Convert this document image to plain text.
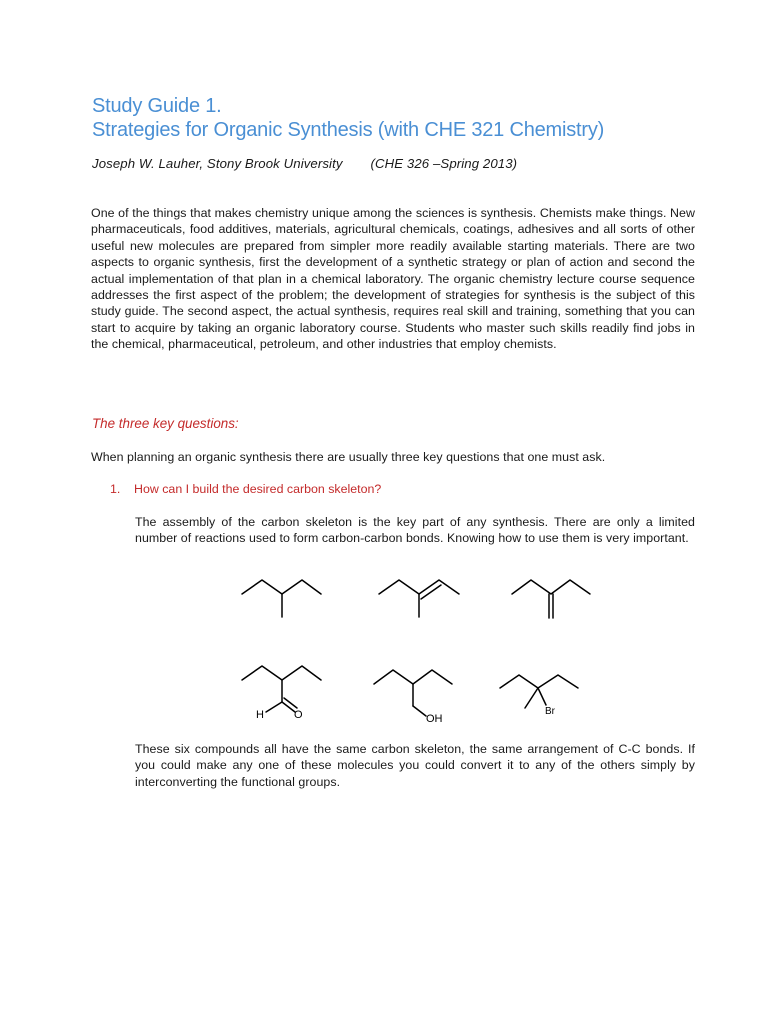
Study Guide 1.
Strategies for Organic Synthesis (with CHE 321 Chemistry)
Joseph W. Lauher, Stony Brook University (CHE 326 –Spring 2013)
One of the things that makes chemistry unique among the sciences is synthesis. Chemists make things. New pharmaceuticals, food additives, materials, agricultural chemicals, coatings, adhesives and all sorts of other useful new molecules are prepared from simpler more readily available starting materials. There are two aspects to organic synthesis, first the development of a synthetic strategy or plan of action and second the actual implementation of that plan in a chemical laboratory. The organic chemistry lecture course sequence addresses the first aspect of the problem; the development of strategies for synthesis is the subject of this study guide. The second aspect, the actual synthesis, requires real skill and training, something that you can start to acquire by taking an organic laboratory course. Students who master such skills readily find jobs in the chemical, pharmaceutical, petroleum, and other industries that employ chemists.
The three key questions:
When planning an organic synthesis there are usually three key questions that one must ask.
1. How can I build the desired carbon skeleton?
The assembly of the carbon skeleton is the key part of any synthesis. There are only a limited number of reactions used to form carbon-carbon bonds. Knowing how to use them is very important.
H	O	OH
Br
These six compounds all have the same carbon skeleton, the same arrangement of C-C bonds. If you could make any one of these molecules you could convert it to any of the others simply by interconverting the functional groups.
